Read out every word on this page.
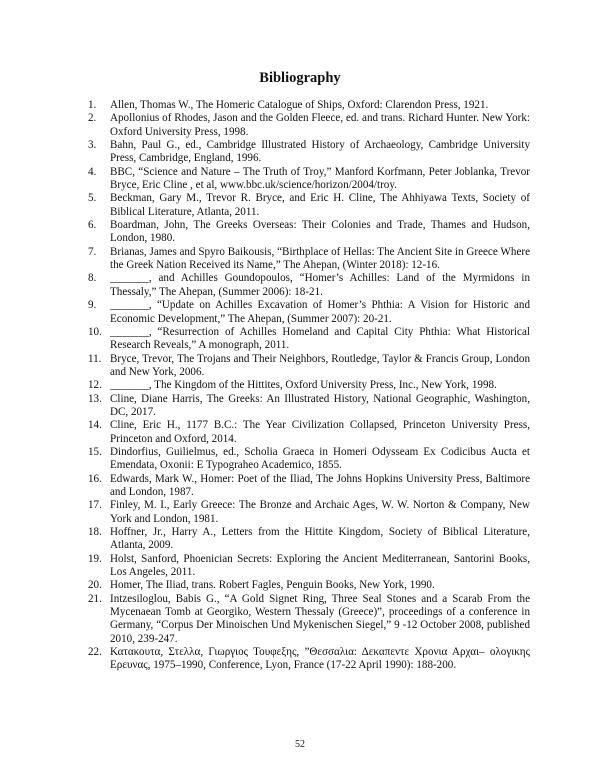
Bibliography
1.	Allen, Thomas W., The Homeric Catalogue of Ships, Oxford: Clarendon Press, 1921.
2.	Apollonius of Rhodes, Jason and the Golden Fleece, ed. and trans. Richard Hunter. New York: Oxford University Press, 1998.
3.	Bahn, Paul G., ed., Cambridge Illustrated History of Archaeology, Cambridge University Press, Cambridge, England, 1996.
4.	BBC, “Science and Nature – The Truth of Troy,” Manford Korfmann, Peter Joblanka, Trevor Bryce, Eric Cline , et al, www.bbc.uk/science/horizon/2004/troy.
5.	Beckman, Gary M., Trevor R. Bryce, and Eric H. Cline, The Ahhiyawa Texts, Society of Biblical Literature, Atlanta, 2011.
6.	Boardman, John, The Greeks Overseas: Their Colonies and Trade, Thames and Hudson, London, 1980.
7.	Brianas, James and Spyro Baikousis, “Birthplace of Hellas: The Ancient Site in Greece Where the Greek Nation Received its Name,” The Ahepan, (Winter 2018): 12-16.
8.	_______, and Achilles Goundopoulos, “Homer’s Achilles: Land of the Myrmidons in Thessaly,” The Ahepan, (Summer 2006): 18-21.
9.	_______, “Update on Achilles Excavation of Homer’s Phthia: A Vision for Historic and Economic Development,” The Ahepan, (Summer 2007): 20-21.
10. _______, “Resurrection of Achilles Homeland and Capital City Phthia: What Historical Research Reveals,” A monograph, 2011.
11. Bryce, Trevor, The Trojans and Their Neighbors, Routledge, Taylor & Francis Group, London and New York, 2006.
12. _______, The Kingdom of the Hittites, Oxford University Press, Inc., New York, 1998.
13. Cline, Diane Harris, The Greeks: An Illustrated History, National Geographic, Washington, DC, 2017.
14. Cline, Eric H., 1177 B.C.: The Year Civilization Collapsed, Princeton University Press, Princeton and Oxford, 2014.
15. Dindorfius, Guilielmus, ed., Scholia Graeca in Homeri Odysseam Ex Codicibus Aucta et Emendata, Oxonii: E Typograheo Academico, 1855.
16. Edwards, Mark W., Homer: Poet of the Iliad, The Johns Hopkins University Press, Baltimore and London, 1987.
17. Finley, M. I., Early Greece: The Bronze and Archaic Ages, W. W. Norton & Company, New York and London, 1981.
18. Hoffner, Jr., Harry A., Letters from the Hittite Kingdom, Society of Biblical Literature, Atlanta, 2009.
19. Holst, Sanford, Phoenician Secrets: Exploring the Ancient Mediterranean, Santorini Books, Los Angeles, 2011.
20. Homer, The Iliad, trans. Robert Fagles, Penguin Books, New York, 1990.
21. Intzesiloglou, Babis G., “A Gold Signet Ring, Three Seal Stones and a Scarab From the Mycenaean Tomb at Georgiko, Western Thessaly (Greece)”, proceedings of a conference in Germany, “Corpus Der Minoischen Und Mykenischen Siegel,” 9 -12 October 2008, published 2010, 239-247.
22. Κατακουτα, Στελλα, Γιωργιος Τουφεξης, ”Θεσσαλια: Δεκαπεντε Χρονια Αρχαι– ολογικης Ερευνας, 1975–1990, Conference, Lyon, France (17-22 April 1990): 188-200.
52
